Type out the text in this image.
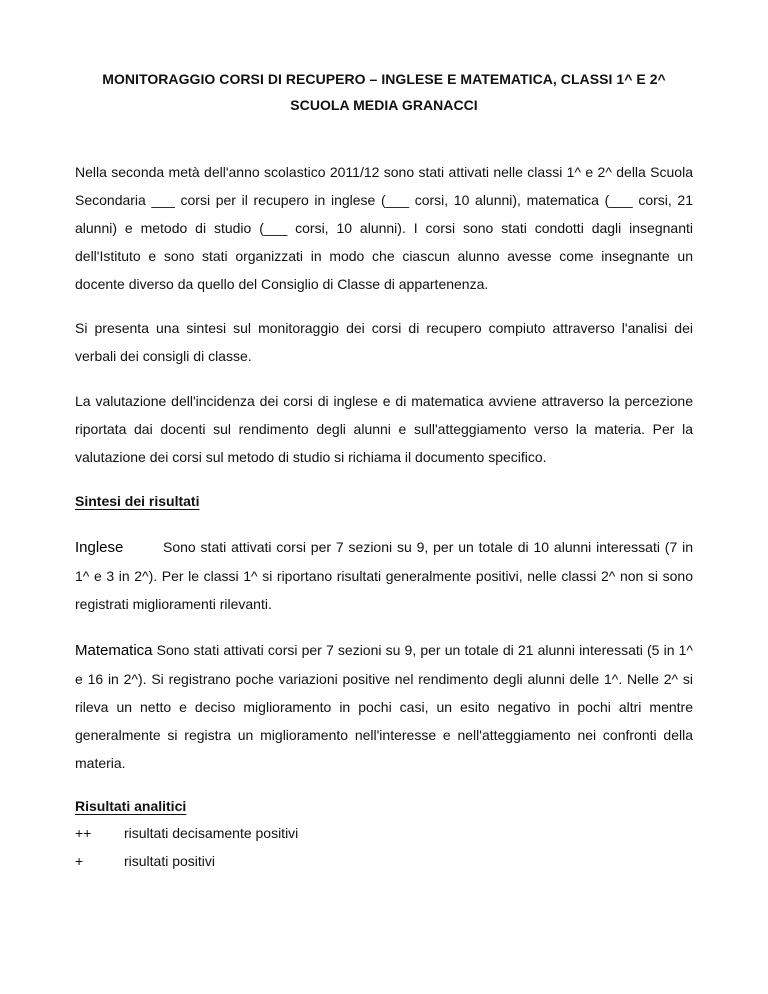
MONITORAGGIO CORSI DI RECUPERO – INGLESE E MATEMATICA, CLASSI 1^ E 2^
SCUOLA MEDIA GRANACCI

Nella seconda metà dell'anno scolastico 2011/12 sono stati attivati nelle classi 1^ e 2^ della Scuola Secondaria ___ corsi per il recupero in inglese (___ corsi, 10 alunni), matematica (___ corsi, 21 alunni) e metodo di studio (___ corsi, 10 alunni). I corsi sono stati condotti dagli insegnanti dell'Istituto e sono stati organizzati in modo che ciascun alunno avesse come insegnante un docente diverso da quello del Consiglio di Classe di appartenenza.

Si presenta una sintesi sul monitoraggio dei corsi di recupero compiuto attraverso l'analisi dei verbali dei consigli di classe.

La valutazione dell'incidenza dei corsi di inglese e di matematica avviene attraverso la percezione riportata dai docenti sul rendimento degli alunni e sull'atteggiamento verso la materia. Per la valutazione dei corsi sul metodo di studio si richiama il documento specifico.

Sintesi dei risultati

Inglese	Sono stati attivati corsi per 7 sezioni su 9, per un totale di 10 alunni interessati (7 in 1^ e 3 in 2^). Per le classi 1^ si riportano risultati generalmente positivi, nelle classi 2^ non si sono registrati miglioramenti rilevanti.

Matematica Sono stati attivati corsi per 7 sezioni su 9, per un totale di 21 alunni interessati (5 in 1^ e 16 in 2^). Si registrano poche variazioni positive nel rendimento degli alunni delle 1^. Nelle 2^ si rileva un netto e deciso miglioramento in pochi casi, un esito negativo in pochi altri mentre generalmente si registra un miglioramento nell'interesse e nell'atteggiamento nei confronti della materia.

Risultati analitici
++	risultati decisamente positivi
+	risultati positivi
